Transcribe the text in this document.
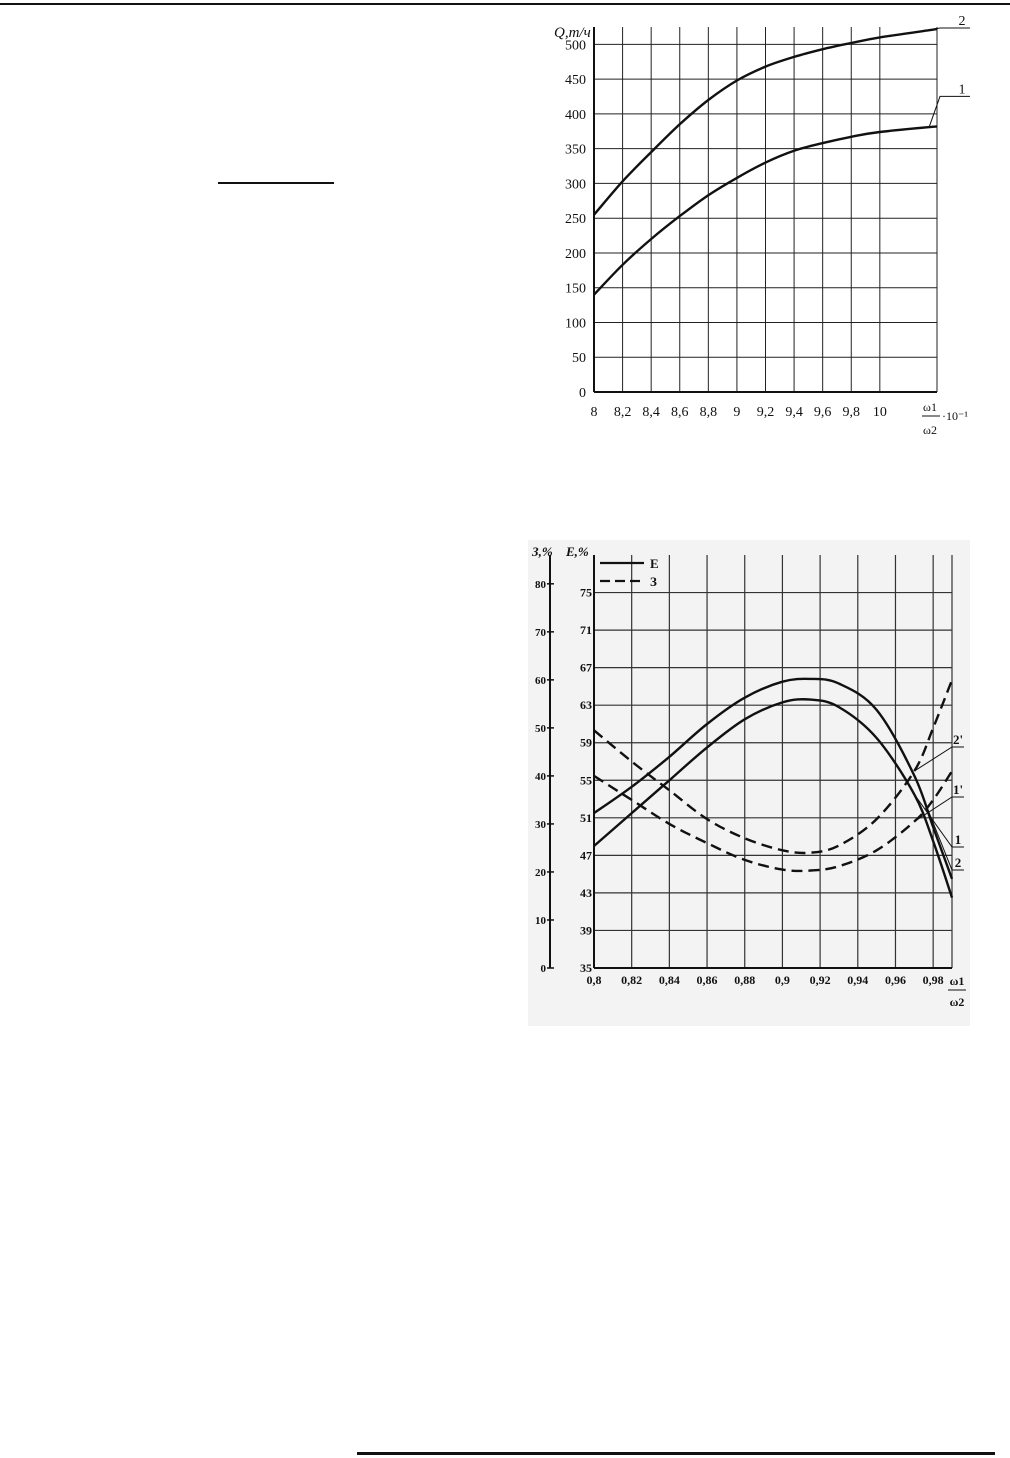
8 8,2 8,4 8,6 8,8 9 9,2 9,4 9,6 9,8 10
0
50
100
150
200
250
300
350
400
450
500
Q,т/ч
ω1
ω2
·10⁻¹
1
2
0,8 0,82 0,84 0,86 0,88 0,9 0,92 0,94 0,96 0,98
35
39
43
47
51
55
59
63
67
71
75
0
10
20
30
40
50
60
70
80
З,% Е,%
Е
З
ω1
ω2
1
2
1'
2'
